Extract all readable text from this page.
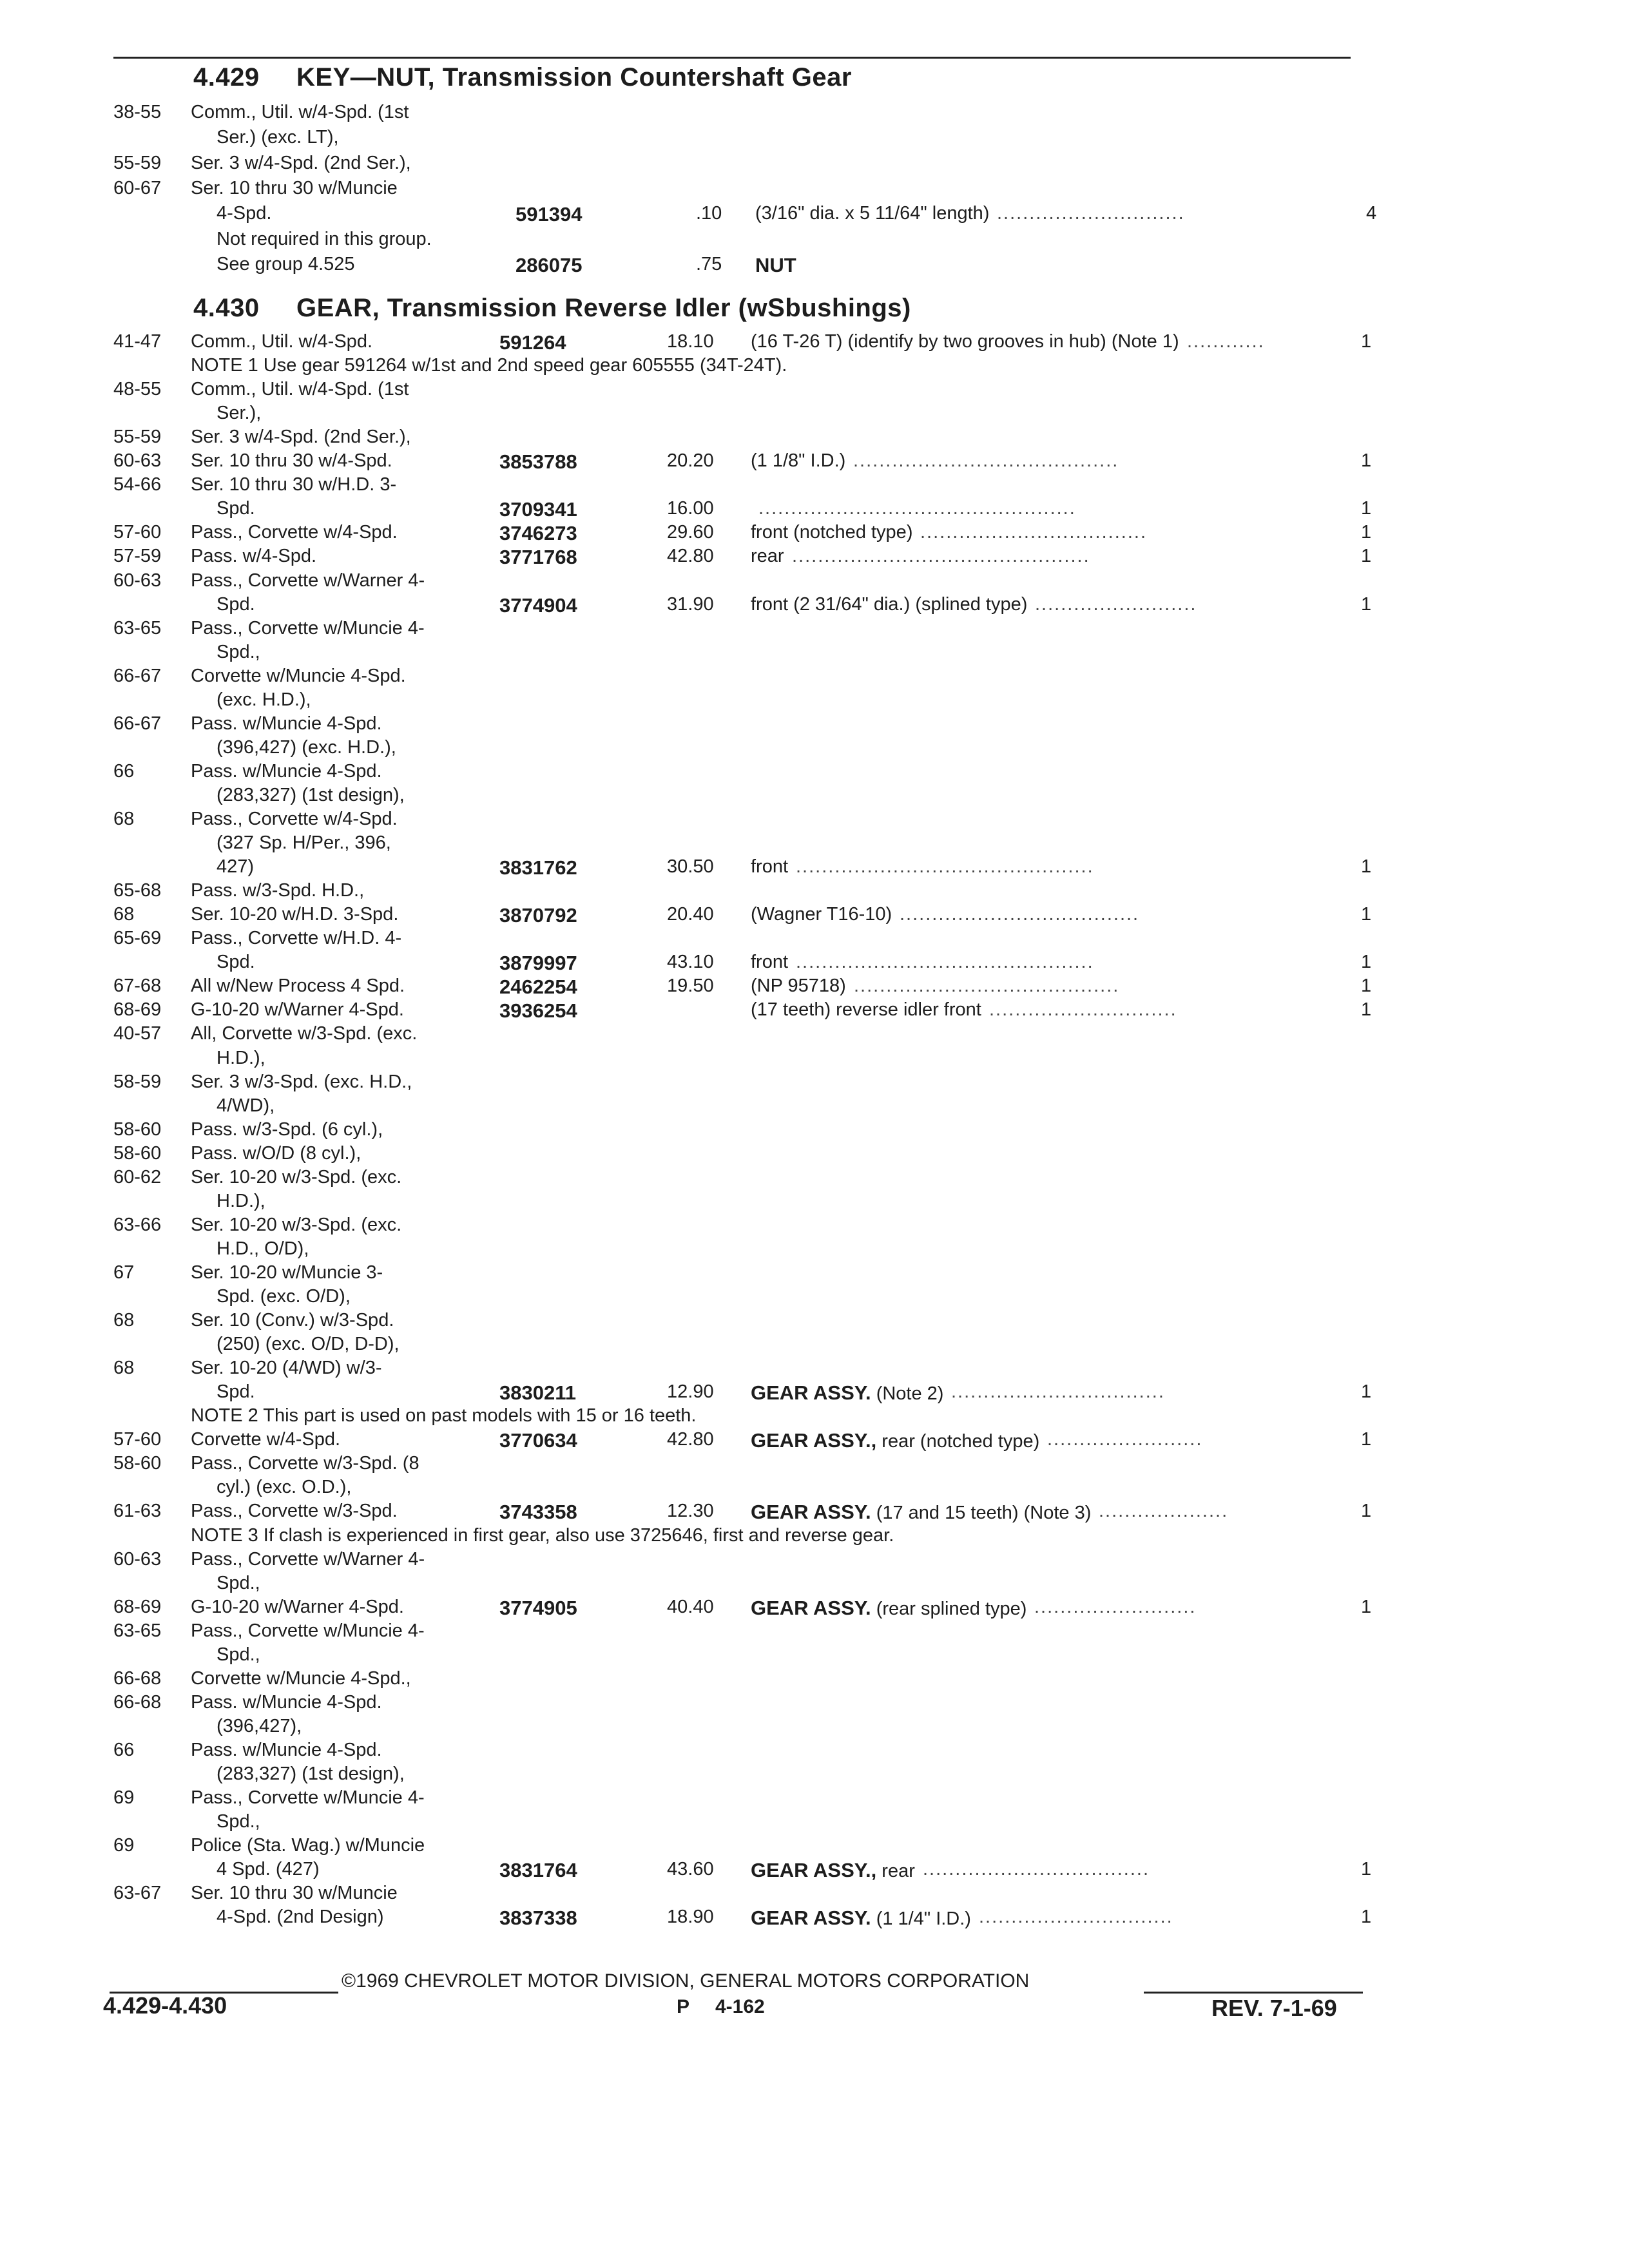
4.429 KEY—NUT, Transmission Countershaft Gear
38-55 Comm., Util. w/4-Spd. (1st
Ser.) (exc. LT),
55-59 Ser. 3 w/4-Spd. (2nd Ser.),
60-67 Ser. 10 thru 30 w/Muncie
4-Spd.	591394	.10 (3/16" dia. x 5 11/64" length) .............................	4
Not required in this group.
See group 4.525	286075	.75 NUT
4.430 GEAR, Transmission Reverse Idler (wSbushings)
41-47 Comm., Util. w/4-Spd.	591264	18.10 (16 T-26 T) (identify by two grooves in hub) (Note 1) ............	1
NOTE 1 Use gear 591264 w/1st and 2nd speed gear 605555 (34T-24T).
48-55 Comm., Util. w/4-Spd. (1st
Ser.),
55-59 Ser. 3 w/4-Spd. (2nd Ser.),
60-63 Ser. 10 thru 30 w/4-Spd.	3853788	20.20 (1 1/8" I.D.) .........................................	1
54-66 Ser. 10 thru 30 w/H.D. 3-
Spd.	3709341	16.00 .................................................	1
57-60 Pass., Corvette w/4-Spd.	3746273	29.60 front (notched type) ...................................	1
57-59 Pass. w/4-Spd.	3771768	42.80 rear ..............................................	1
60-63 Pass., Corvette w/Warner 4-
Spd.	3774904	31.90 front (2 31/64" dia.) (splined type) .........................	1
63-65 Pass., Corvette w/Muncie 4-
Spd.,
66-67 Corvette w/Muncie 4-Spd.
(exc. H.D.),
66-67 Pass. w/Muncie 4-Spd.
(396,427) (exc. H.D.),
66	Pass. w/Muncie 4-Spd.
(283,327) (1st design),
68	Pass., Corvette w/4-Spd.
(327 Sp. H/Per., 396,
427)	3831762	30.50 front ..............................................	1
65-68 Pass. w/3-Spd. H.D.,
68	Ser. 10-20 w/H.D. 3-Spd.	3870792	20.40 (Wagner T16-10) .....................................	1
65-69 Pass., Corvette w/H.D. 4-
Spd.	3879997	43.10 front ..............................................	1
67-68 All w/New Process 4 Spd.	2462254	19.50 (NP 95718) .........................................	1
68-69 G-10-20 w/Warner 4-Spd.	3936254	(17 teeth) reverse idler front .............................	1
40-57 All, Corvette w/3-Spd. (exc.
H.D.),
58-59 Ser. 3 w/3-Spd. (exc. H.D.,
4/WD),
58-60 Pass. w/3-Spd. (6 cyl.),
58-60 Pass. w/O/D (8 cyl.),
60-62 Ser. 10-20 w/3-Spd. (exc.
H.D.),
63-66 Ser. 10-20 w/3-Spd. (exc.
H.D., O/D),
67	Ser. 10-20 w/Muncie 3-
Spd. (exc. O/D),
68	Ser. 10 (Conv.) w/3-Spd.
(250) (exc. O/D, D-D),
68	Ser. 10-20 (4/WD) w/3-
Spd.	3830211	12.90 GEAR ASSY. (Note 2) .................................	1
NOTE 2 This part is used on past models with 15 or 16 teeth.
57-60 Corvette w/4-Spd.	3770634	42.80 GEAR ASSY., rear (notched type) ........................	1
58-60 Pass., Corvette w/3-Spd. (8
cyl.) (exc. O.D.),
61-63 Pass., Corvette w/3-Spd.	3743358	12.30 GEAR ASSY. (17 and 15 teeth) (Note 3) ....................	1
NOTE 3 If clash is experienced in first gear, also use 3725646, first and reverse gear.
60-63 Pass., Corvette w/Warner 4-
Spd.,
68-69 G-10-20 w/Warner 4-Spd.	3774905	40.40 GEAR ASSY. (rear splined type) .........................	1
63-65 Pass., Corvette w/Muncie 4-
Spd.,
66-68 Corvette w/Muncie 4-Spd.,
66-68 Pass. w/Muncie 4-Spd.
(396,427),
66	Pass. w/Muncie 4-Spd.
(283,327) (1st design),
69	Pass., Corvette w/Muncie 4-
Spd.,
69	Police (Sta. Wag.) w/Muncie
4 Spd. (427)	3831764	43.60 GEAR ASSY., rear ...................................	1
63-67 Ser. 10 thru 30 w/Muncie
4-Spd. (2nd Design)	3837338	18.90 GEAR ASSY. (1 1/4" I.D.) ..............................	1
©1969 CHEVROLET MOTOR DIVISION, GENERAL MOTORS CORPORATION
4.429-4.430	P 4-162	REV. 7-1-69
